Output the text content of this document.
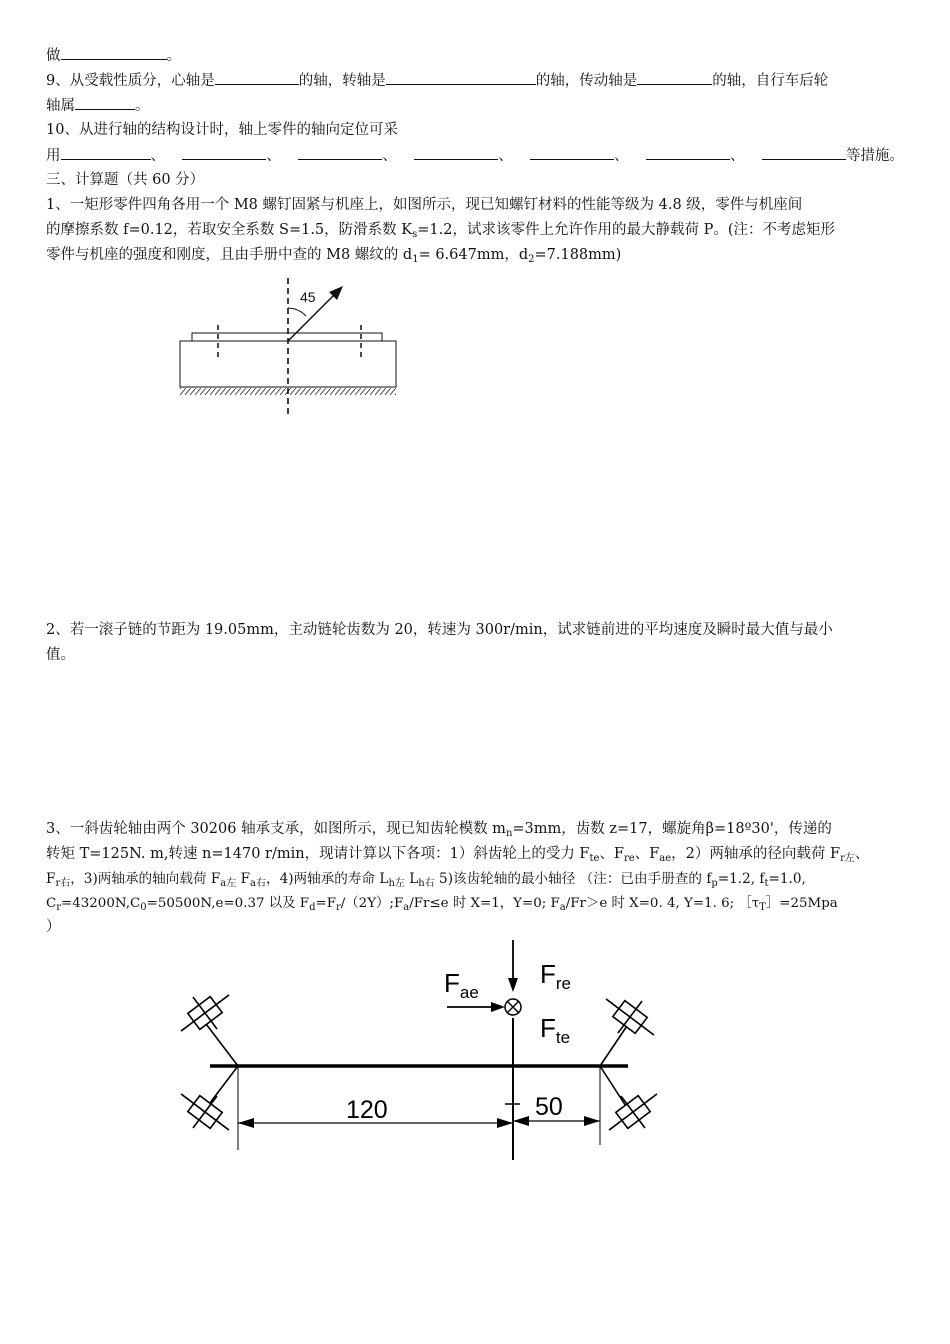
做	。
9、从受载性质分，心轴是	的轴，转轴是	的轴，传动轴是	的轴，自行车后轮
轴属	。
10、从进行轴的结构设计时，轴上零件的轴向定位可采
用	、	、	、	、	、	、	等措施。
三、计算题（共 60 分）
1、一矩形零件四角各用一个 M8 螺钉固紧与机座上，如图所示，现已知螺钉材料的性能等级为 4.8 级，零件与机座间
的摩擦系数 f=0.12，若取安全系数 S=1.5，防滑系数 $K_s=1.2$，试求该零件上允许作用的最大静载荷 P。(注：不考虑矩形
零件与机座的强度和刚度，且由手册中查的 M8 螺纹的 $d_1= 6.647mm$，$d_2=7.188mm$)
45
2、若一滚子链的节距为 19.05mm，主动链轮齿数为 20，转速为 300r/min，试求链前进的平均速度及瞬时最大值与最小
值。
3、一斜齿轮轴由两个 30206 轴承支承，如图所示，现已知齿轮模数 $m_n=3mm$，齿数 z=17，螺旋角β=18º30'，传递的
转矩 T=125N. m,转速 n=1470 r/min，现请计算以下各项：1）斜齿轮上的受力 $F_{te}$、$F_{re}$、$F_{ae}$，2）两轴承的径向载荷 $F_{r左}$、
$F_{r右}$，3)两轴承的轴向载荷 $F_{a左}$ $F_{a右}$，4)两轴承的寿命 $L_{h左}$ $L_{h右}$ 5)该齿轮轴的最小轴径 （注：已由手册查的 $f_p=1.2$, $f_t=1.0$,
$C_r=43200N,C_0=50500N,e=0.37$ 以及 $F_d=F_r/(2Y);F_a/Fr\le e$ 时 X=1，Y=0; $F_a/Fr>e$ 时 X=0. 4, Y=1. 6; $[\tau_T]=25Mpa$
）
120	50
$F_{ae}$
$F_{re}$
$F_{te}$
